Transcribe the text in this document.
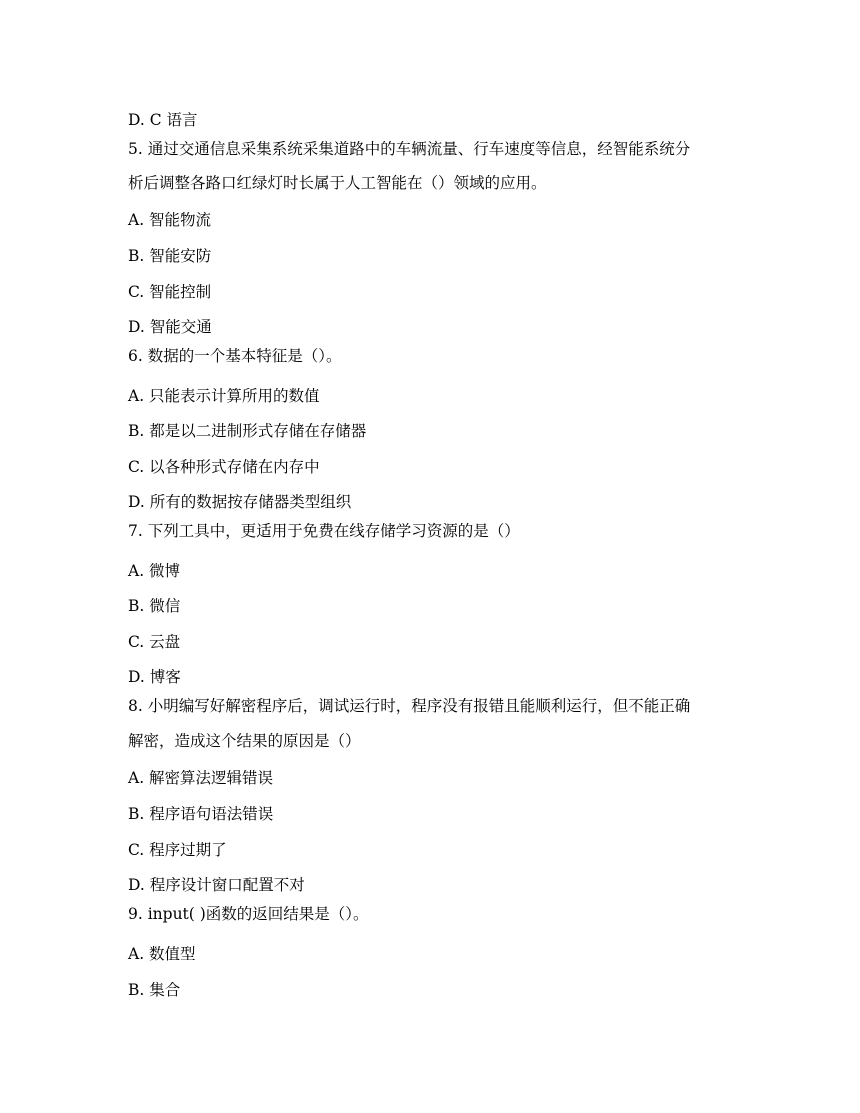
D. C 语言
5. 通过交通信息采集系统采集道路中的车辆流量、行车速度等信息，经智能系统分
析后调整各路口红绿灯时长属于人工智能在（）领域的应用。
A. 智能物流
B. 智能安防
C. 智能控制
D. 智能交通
6. 数据的一个基本特征是（）。
A. 只能表示计算所用的数值
B. 都是以二进制形式存储在存储器
C. 以各种形式存储在内存中
D. 所有的数据按存储器类型组织
7. 下列工具中，更适用于免费在线存储学习资源的是（）
A. 微博
B. 微信
C. 云盘
D. 博客
8. 小明编写好解密程序后，调试运行时，程序没有报错且能顺利运行，但不能正确
解密，造成这个结果的原因是（）
A. 解密算法逻辑错误
B. 程序语句语法错误
C. 程序过期了
D. 程序设计窗口配置不对
9. input( )函数的返回结果是（）。
A. 数值型
B. 集合
